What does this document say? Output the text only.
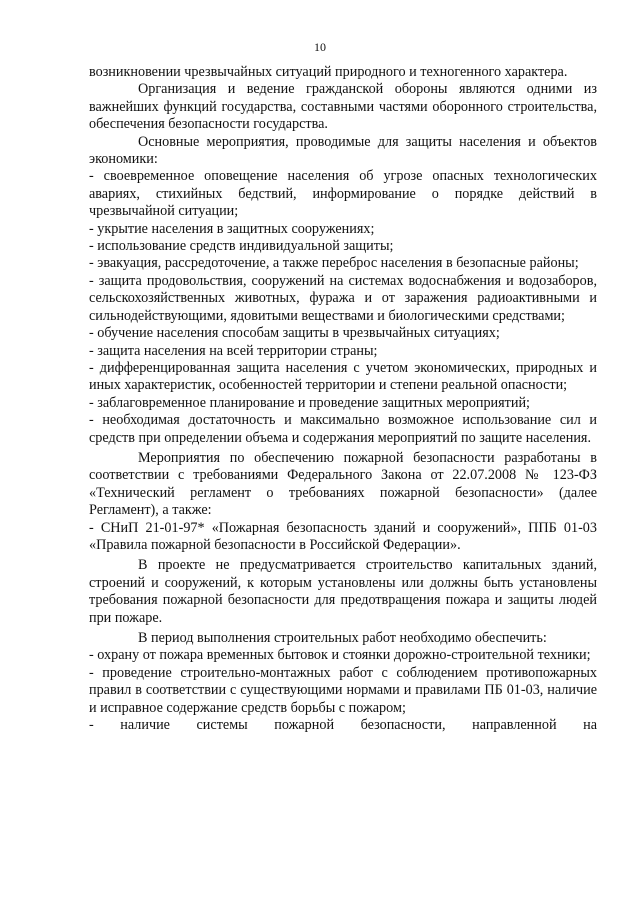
10

возникновении чрезвычайных ситуаций природного и техногенного характера.

Организация и ведение гражданской обороны являются одними из важнейших функций государства, составными частями оборонного строительства, обеспечения безопасности государства.

Основные мероприятия, проводимые для защиты населения и объектов экономики:

- своевременное оповещение населения об угрозе опасных технологических авариях, стихийных бедствий, информирование о порядке действий в чрезвычайной ситуации;

- укрытие населения в защитных сооружениях;

- использование средств индивидуальной защиты;

- эвакуация, рассредоточение, а также переброс населения в безопасные районы;

- защита продовольствия, сооружений на системах водоснабжения и водозаборов, сельскохозяйственных животных, фуража и от заражения радиоактивными и сильнодействующими, ядовитыми веществами и биологическими средствами;

- обучение населения способам защиты в чрезвычайных ситуациях;

- защита населения на всей территории страны;

- дифференцированная защита населения с учетом экономических, природных и иных характеристик, особенностей территории и степени реальной опасности;

- заблаговременное планирование и проведение защитных мероприятий;

- необходимая достаточность и максимально возможное использование сил и средств при определении объема и содержания мероприятий по защите населения.

Мероприятия по обеспечению пожарной безопасности разработаны в соответствии с требованиями Федерального Закона от 22.07.2008 № 123-ФЗ «Технический регламент о требованиях пожарной безопасности» (далее Регламент), а также:

- СНиП 21-01-97* «Пожарная безопасность зданий и сооружений», ППБ 01-03 «Правила пожарной безопасности в Российской Федерации».

В проекте не предусматривается строительство капитальных зданий, строений и сооружений, к которым установлены или должны быть установлены требования пожарной безопасности для предотвращения пожара и защиты людей при пожаре.

В период выполнения строительных работ необходимо обеспечить:

- охрану от пожара временных бытовок и стоянки дорожно-строительной техники;

- проведение строительно-монтажных работ с соблюдением противопожарных правил в соответствии с существующими нормами и правилами ПБ 01-03, наличие и исправное содержание средств борьбы с пожаром;

- наличие системы пожарной безопасности, направленной на
